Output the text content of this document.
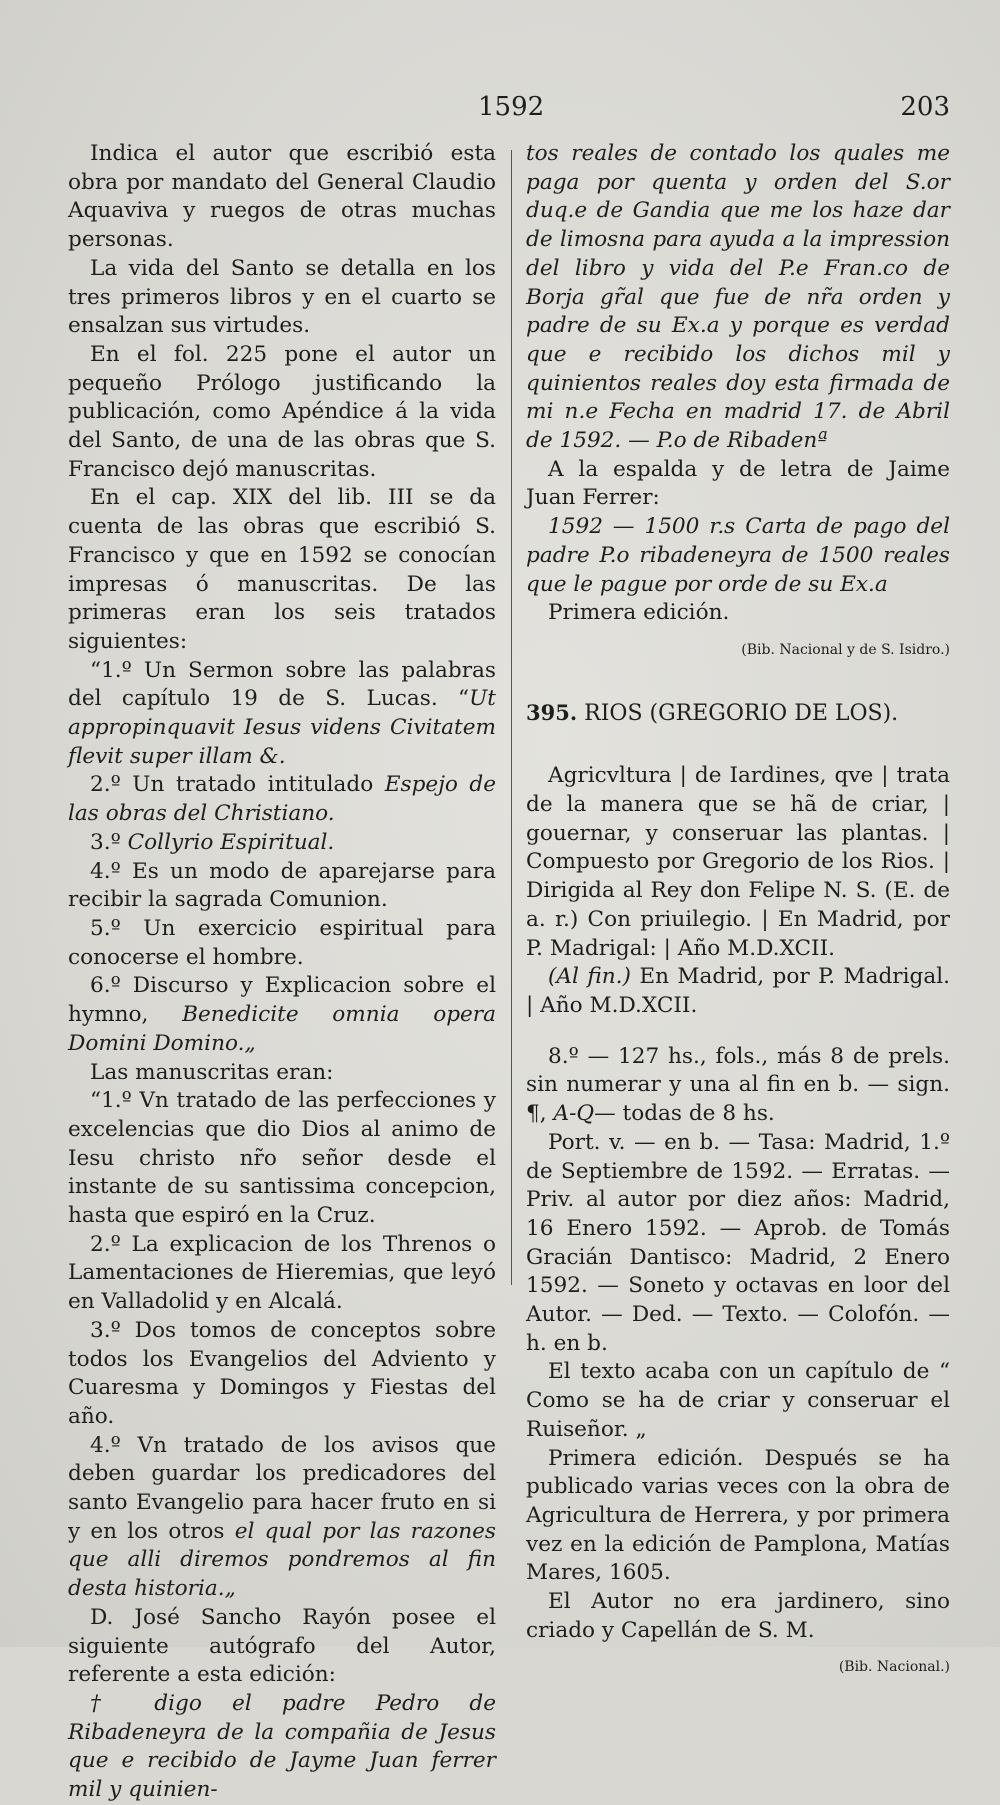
1592	203

Indica el autor que escribió esta obra por mandato del General Claudio Aquaviva y ruegos de otras muchas personas.

La vida del Santo se detalla en los tres primeros libros y en el cuarto se ensalzan sus virtudes.

En el fol. 225 pone el autor un pequeño Prólogo justificando la publicación, como Apéndice á la vida del Santo, de una de las obras que S. Francisco dejó manuscritas.

En el cap. XIX del lib. III se da cuenta de las obras que escribió S. Francisco y que en 1592 se conocían impresas ó manuscritas. De las primeras eran los seis tratados siguientes:

“1.º Un Sermon sobre las palabras del capítulo 19 de S. Lucas. “Ut appropinquavit Iesus videns Civitatem flevit super illam &.

2.º Un tratado intitulado Espejo de las obras del Christiano.

3.º Collyrio Espiritual.

4.º Es un modo de aparejarse para recibir la sagrada Comunion.

5.º Un exercicio espiritual para conocerse el hombre.

6.º Discurso y Explicacion sobre el hymno, Benedicite omnia opera Domini Domino.„

Las manuscritas eran:

“1.º Vn tratado de las perfecciones y excelencias que dio Dios al animo de Iesu christo nr̃o señor desde el instante de su santissima concepcion, hasta que espiró en la Cruz.

2.º La explicacion de los Threnos o Lamentaciones de Hieremias, que leyó en Valladolid y en Alcalá.

3.º Dos tomos de conceptos sobre todos los Evangelios del Adviento y Cuaresma y Domingos y Fiestas del año.

4.º Vn tratado de los avisos que deben guardar los predicadores del santo Evangelio para hacer fruto en si y en los otros el qual por las razones que alli diremos pondremos al fin desta historia.„

D. José Sancho Rayón posee el siguiente autógrafo del Autor, referente a esta edición:

† digo el padre Pedro de Ribadeneyra de la compañia de Jesus que e recibido de Jayme Juan ferrer mil y quinien-

tos reales de contado los quales me paga por quenta y orden del S.or duq.e de Gandia que me los haze dar de limosna para ayuda a la impression del libro y vida del P.e Fran.co de Borja gr̃al que fue de nr̃a orden y padre de su Ex.a y porque es verdad que e recibido los dichos mil y quinientos reales doy esta firmada de mi n.e Fecha en madrid 17. de Abril de 1592. — P.o de Ribadenª

A la espalda y de letra de Jaime Juan Ferrer:

1592 — 1500 r.s Carta de pago del padre P.o ribadeneyra de 1500 reales que le pague por orde de su Ex.a

Primera edición.

(Bib. Nacional y de S. Isidro.)

395. RIOS (GREGORIO DE LOS).

Agricvltura | de Iardines, qve | trata de la manera que se hã de criar, | gouernar, y conseruar las plantas. | Compuesto por Gregorio de los Rios. | Dirigida al Rey don Felipe N. S. (E. de a. r.) Con priuilegio. | En Madrid, por P. Madrigal: | Año M.D.XCII.

(Al fin.) En Madrid, por P. Madrigal. | Año M.D.XCII.

8.º — 127 hs., fols., más 8 de prels. sin numerar y una al fin en b. — sign. ¶, A-Q— todas de 8 hs.

Port. v. — en b. — Tasa: Madrid, 1.º de Septiembre de 1592. — Erratas. — Priv. al autor por diez años: Madrid, 16 Enero 1592. — Aprob. de Tomás Gracián Dantisco: Madrid, 2 Enero 1592. — Soneto y octavas en loor del Autor. — Ded. — Texto. — Colofón. — h. en b.

El texto acaba con un capítulo de “ Como se ha de criar y conseruar el Ruiseñor. „

Primera edición. Después se ha publicado varias veces con la obra de Agricultura de Herrera, y por primera vez en la edición de Pamplona, Matías Mares, 1605.

El Autor no era jardinero, sino criado y Capellán de S. M.

(Bib. Nacional.)
